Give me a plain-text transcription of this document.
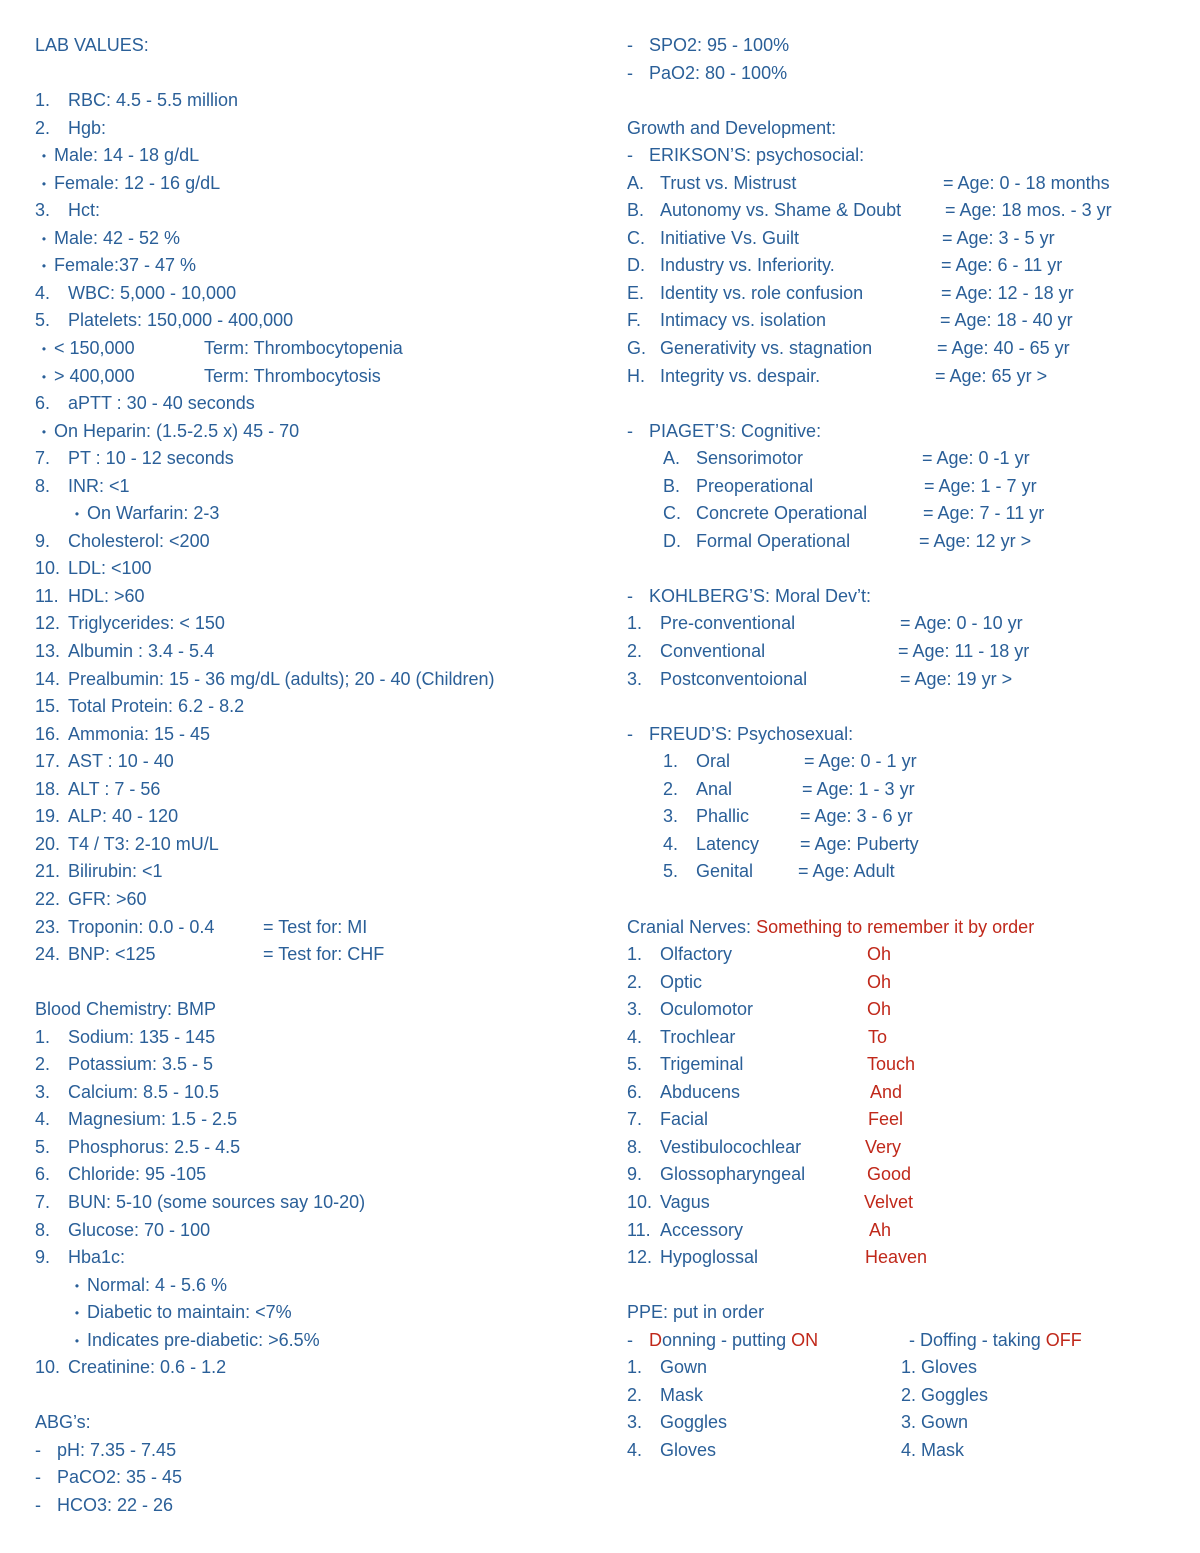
LAB VALUES:
1. RBC: 4.5 - 5.5 million
2. Hgb:
• Male: 14 - 18 g/dL
• Female: 12 - 16 g/dL
3. Hct:
• Male: 42 - 52 %
• Female:37 - 47 %
4. WBC: 5,000 - 10,000
5. Platelets: 150,000 - 400,000
• < 150,000	Term: Thrombocytopenia
• > 400,000	Term: Thrombocytosis
6. aPTT : 30 - 40 seconds
• On Heparin: (1.5-2.5 x) 45 - 70
7. PT : 10 - 12 seconds
8. INR: <1
• On Warfarin: 2-3
9. Cholesterol: <200
10. LDL: <100
11. HDL: >60
12. Triglycerides: < 150
13. Albumin : 3.4 - 5.4
14. Prealbumin: 15 - 36 mg/dL (adults); 20 - 40 (Children)
15. Total Protein: 6.2 - 8.2
16. Ammonia: 15 - 45
17. AST : 10 - 40
18. ALT : 7 - 56
19. ALP: 40 - 120
20. T4 / T3: 2-10 mU/L
21. Bilirubin: <1
22. GFR: >60
23. Troponin: 0.0 - 0.4	= Test for: MI
24. BNP: <125	= Test for: CHF
Blood Chemistry: BMP
1. Sodium: 135 - 145
2. Potassium: 3.5 - 5
3. Calcium: 8.5 - 10.5
4. Magnesium: 1.5 - 2.5
5. Phosphorus: 2.5 - 4.5
6. Chloride: 95 -105
7. BUN: 5-10 (some sources say 10-20)
8. Glucose: 70 - 100
9. Hba1c:
• Normal: 4 - 5.6 %
• Diabetic to maintain: <7%
• Indicates pre-diabetic: >6.5%
10. Creatinine: 0.6 - 1.2
ABG’s:
- pH: 7.35 - 7.45
- PaCO2: 35 - 45
- HCO3: 22 - 26
- SPO2: 95 - 100%
- PaO2: 80 - 100%
Growth and Development:
- ERIKSON’S: psychosocial:
A. Trust vs. Mistrust	= Age: 0 - 18 months
B. Autonomy vs. Shame & Doubt = Age: 18 mos. - 3 yr
C. Initiative Vs. Guilt	= Age: 3 - 5 yr
D. Industry vs. Inferiority.	= Age: 6 - 11 yr
E. Identity vs. role confusion	= Age: 12 - 18 yr
F. Intimacy vs. isolation	= Age: 18 - 40 yr
G. Generativity vs. stagnation	= Age: 40 - 65 yr
H. Integrity vs. despair.	= Age: 65 yr >
- PIAGET’S: Cognitive:
A. Sensorimotor	= Age: 0 -1 yr
B. Preoperational	= Age: 1 - 7 yr
C. Concrete Operational	= Age: 7 - 11 yr
D. Formal Operational	= Age: 12 yr >
- KOHLBERG’S: Moral Dev’t:
1. Pre-conventional	= Age: 0 - 10 yr
2. Conventional	= Age: 11 - 18 yr
3. Postconventoional	= Age: 19 yr >
- FREUD’S: Psychosexual:
1. Oral	= Age: 0 - 1 yr
2. Anal	= Age: 1 - 3 yr
3. Phallic	= Age: 3 - 6 yr
4. Latency = Age: Puberty
5. Genital = Age: Adult
Cranial Nerves: Something to remember it by order
1. Olfactory	Oh
2. Optic	Oh
3. Oculomotor	Oh
4. Trochlear	To
5. Trigeminal	Touch
6. Abducens	And
7. Facial	Feel
8. Vestibulocochlear	Very
9. Glossopharyngeal	Good
10. Vagus	Velvet
11. Accessory	Ah
12. Hypoglossal	Heaven
PPE: put in order
- Donning - putting ON	- Doffing - taking OFF
1. Gown	1. Gloves
2. Mask	2. Goggles
3. Goggles	3. Gown
4. Gloves	4. Mask
